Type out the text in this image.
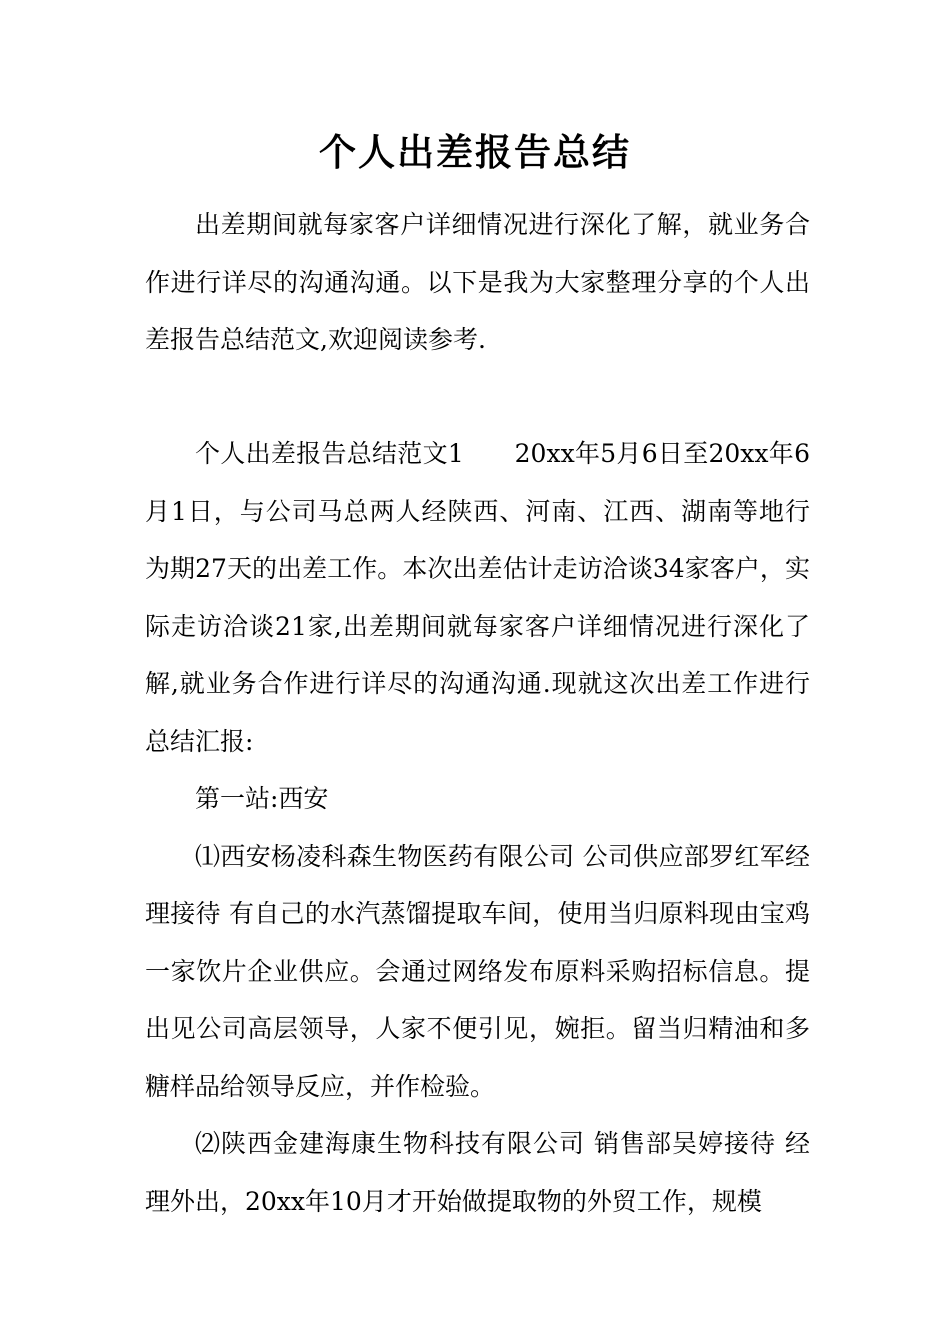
个人出差报告总结

出差期间就每家客户详细情况进行深化了解，就业务合作进行详尽的沟通沟通。以下是我为大家整理分享的个人出差报告总结范文,欢迎阅读参考.

个人出差报告总结范文1　　20xx年5月6日至20xx年6月1日，与公司马总两人经陕西、河南、江西、湖南等地行为期27天的出差工作。本次出差估计走访洽谈34家客户，实际走访洽谈21家,出差期间就每家客户详细情况进行深化了解,就业务合作进行详尽的沟通沟通.现就这次出差工作进行总结汇报:

第一站:西安

⑴西安杨凌科森生物医药有限公司 公司供应部罗红军经理接待 有自己的水汽蒸馏提取车间，使用当归原料现由宝鸡一家饮片企业供应。会通过网络发布原料采购招标信息。提出见公司高层领导，人家不便引见，婉拒。留当归精油和多糖样品给领导反应，并作检验。

⑵陕西金建海康生物科技有限公司 销售部吴婷接待 经理外出，20xx年10月才开始做提取物的外贸工作，规模
